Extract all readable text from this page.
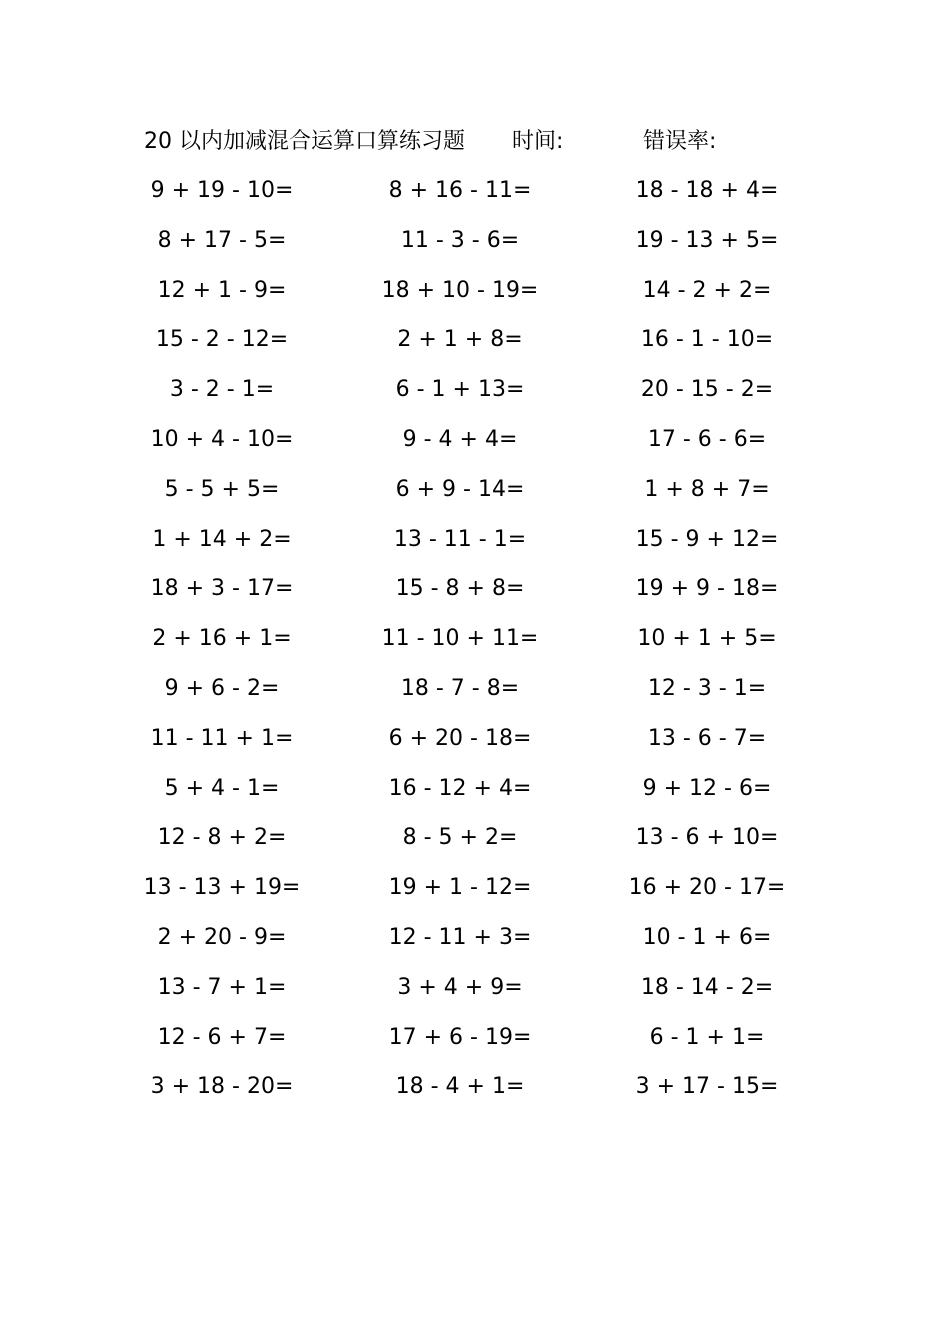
20 以内加减混合运算口算练习题 时间:	错误率:
9 + 19 - 10=	8 + 16 - 11=	18 - 18 + 4=
8 + 17 - 5=	11 - 3 - 6=	19 - 13 + 5=
12 + 1 - 9=	18 + 10 - 19=	14 - 2 + 2=
15 - 2 - 12=	2 + 1 + 8=	16 - 1 - 10=
3 - 2 - 1=	6 - 1 + 13=	20 - 15 - 2=
10 + 4 - 10=	9 - 4 + 4=	17 - 6 - 6=
5 - 5 + 5=	6 + 9 - 14=	1 + 8 + 7=
1 + 14 + 2=	13 - 11 - 1=	15 - 9 + 12=
18 + 3 - 17=	15 - 8 + 8=	19 + 9 - 18=
2 + 16 + 1=	11 - 10 + 11=	10 + 1 + 5=
9 + 6 - 2=	18 - 7 - 8=	12 - 3 - 1=
11 - 11 + 1=	6 + 20 - 18=	13 - 6 - 7=
5 + 4 - 1=	16 - 12 + 4=	9 + 12 - 6=
12 - 8 + 2=	8 - 5 + 2=	13 - 6 + 10=
13 - 13 + 19=	19 + 1 - 12=	16 + 20 - 17=
2 + 20 - 9=	12 - 11 + 3=	10 - 1 + 6=
13 - 7 + 1=	3 + 4 + 9=	18 - 14 - 2=
12 - 6 + 7=	17 + 6 - 19=	6 - 1 + 1=
3 + 18 - 20=	18 - 4 + 1=	3 + 17 - 15=
